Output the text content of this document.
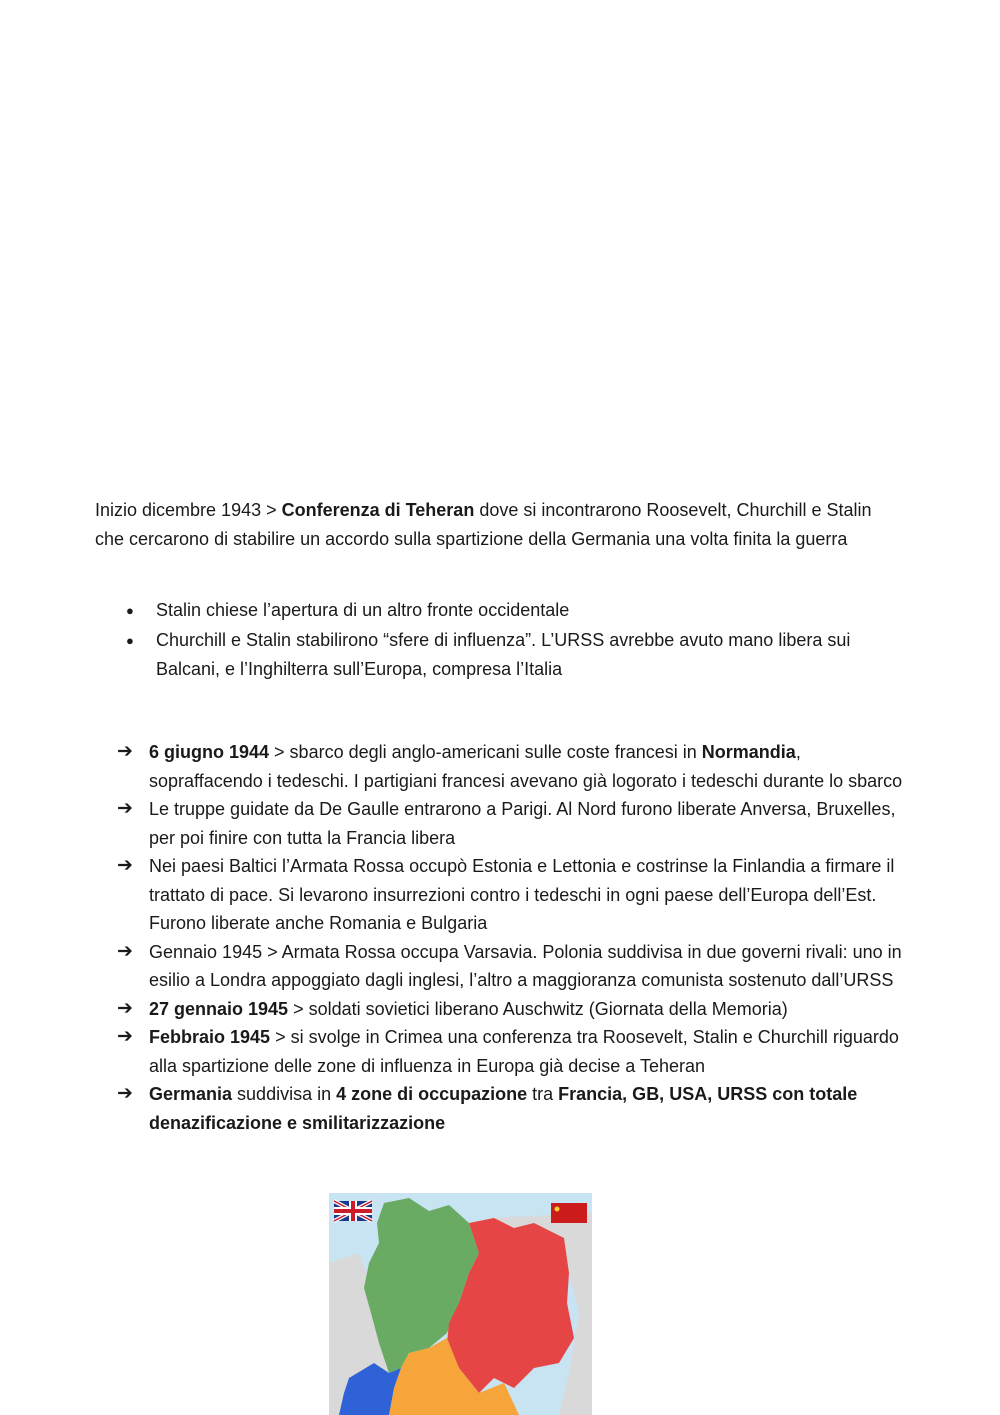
Inizio dicembre 1943 > Conferenza di Teheran dove si incontrarono Roosevelt, Churchill e Stalin che cercarono di stabilire un accordo sulla spartizione della Germania una volta finita la guerra

● Stalin chiese l’apertura di un altro fronte occidentale
● Churchill e Stalin stabilirono “sfere di influenza”. L’URSS avrebbe avuto mano libera sui Balcani, e l’Inghilterra sull’Europa, compresa l’Italia
➔ 6 giugno 1944 > sbarco degli anglo-americani sulle coste francesi in Normandia, sopraffacendo i tedeschi. I partigiani francesi avevano già logorato i tedeschi durante lo sbarco
➔ Le truppe guidate da De Gaulle entrarono a Parigi. Al Nord furono liberate Anversa, Bruxelles, per poi finire con tutta la Francia libera
➔ Nei paesi Baltici l’Armata Rossa occupò Estonia e Lettonia e costrinse la Finlandia a firmare il trattato di pace. Si levarono insurrezioni contro i tedeschi in ogni paese dell’Europa dell’Est. Furono liberate anche Romania e Bulgaria
➔ Gennaio 1945 > Armata Rossa occupa Varsavia. Polonia suddivisa in due governi rivali: uno in esilio a Londra appoggiato dagli inglesi, l’altro a maggioranza comunista sostenuto dall’URSS
➔ 27 gennaio 1945 > soldati sovietici liberano Auschwitz (Giornata della Memoria)
➔ Febbraio 1945 > si svolge in Crimea una conferenza tra Roosevelt, Stalin e Churchill riguardo alla spartizione delle zone di influenza in Europa già decise a Teheran
➔ Germania suddivisa in 4 zone di occupazione tra Francia, GB, USA, URSS con totale denazificazione e smilitarizzazione
